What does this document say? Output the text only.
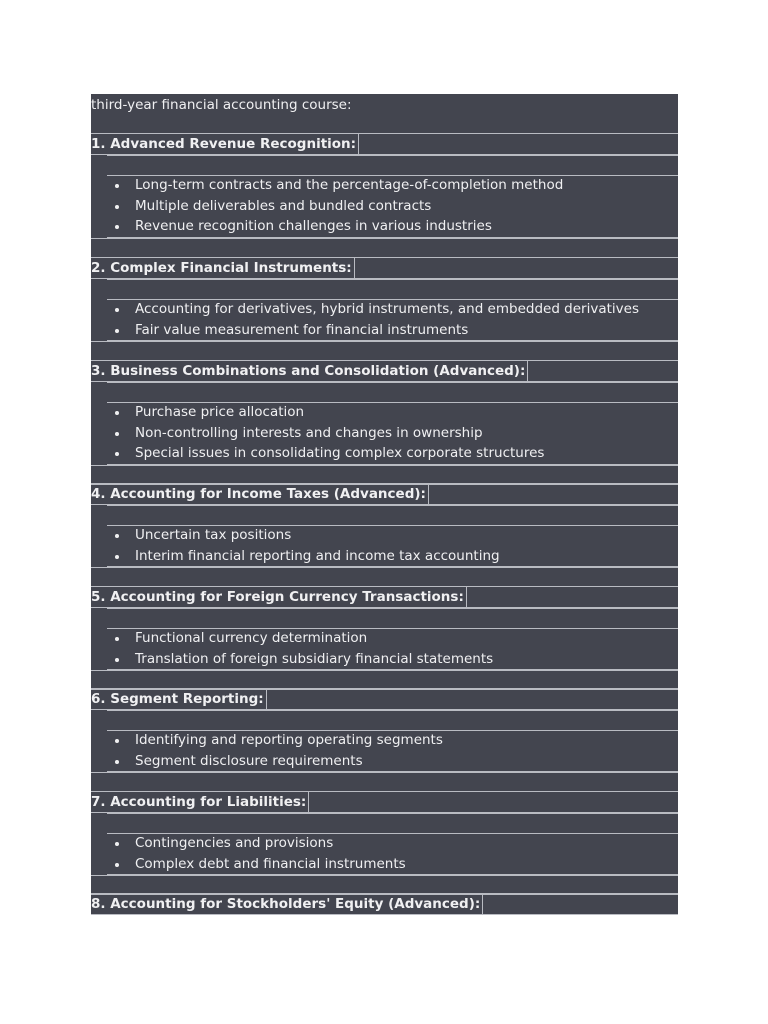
third-year financial accounting course:
1. Advanced Revenue Recognition:
Long-term contracts and the percentage-of-completion method
Multiple deliverables and bundled contracts
Revenue recognition challenges in various industries
2. Complex Financial Instruments:
Accounting for derivatives, hybrid instruments, and embedded derivatives
Fair value measurement for financial instruments
3. Business Combinations and Consolidation (Advanced):
Purchase price allocation
Non-controlling interests and changes in ownership
Special issues in consolidating complex corporate structures
4. Accounting for Income Taxes (Advanced):
Uncertain tax positions
Interim financial reporting and income tax accounting
5. Accounting for Foreign Currency Transactions:
Functional currency determination
Translation of foreign subsidiary financial statements
6. Segment Reporting:
Identifying and reporting operating segments
Segment disclosure requirements
7. Accounting for Liabilities:
Contingencies and provisions
Complex debt and financial instruments
8. Accounting for Stockholders' Equity (Advanced):
